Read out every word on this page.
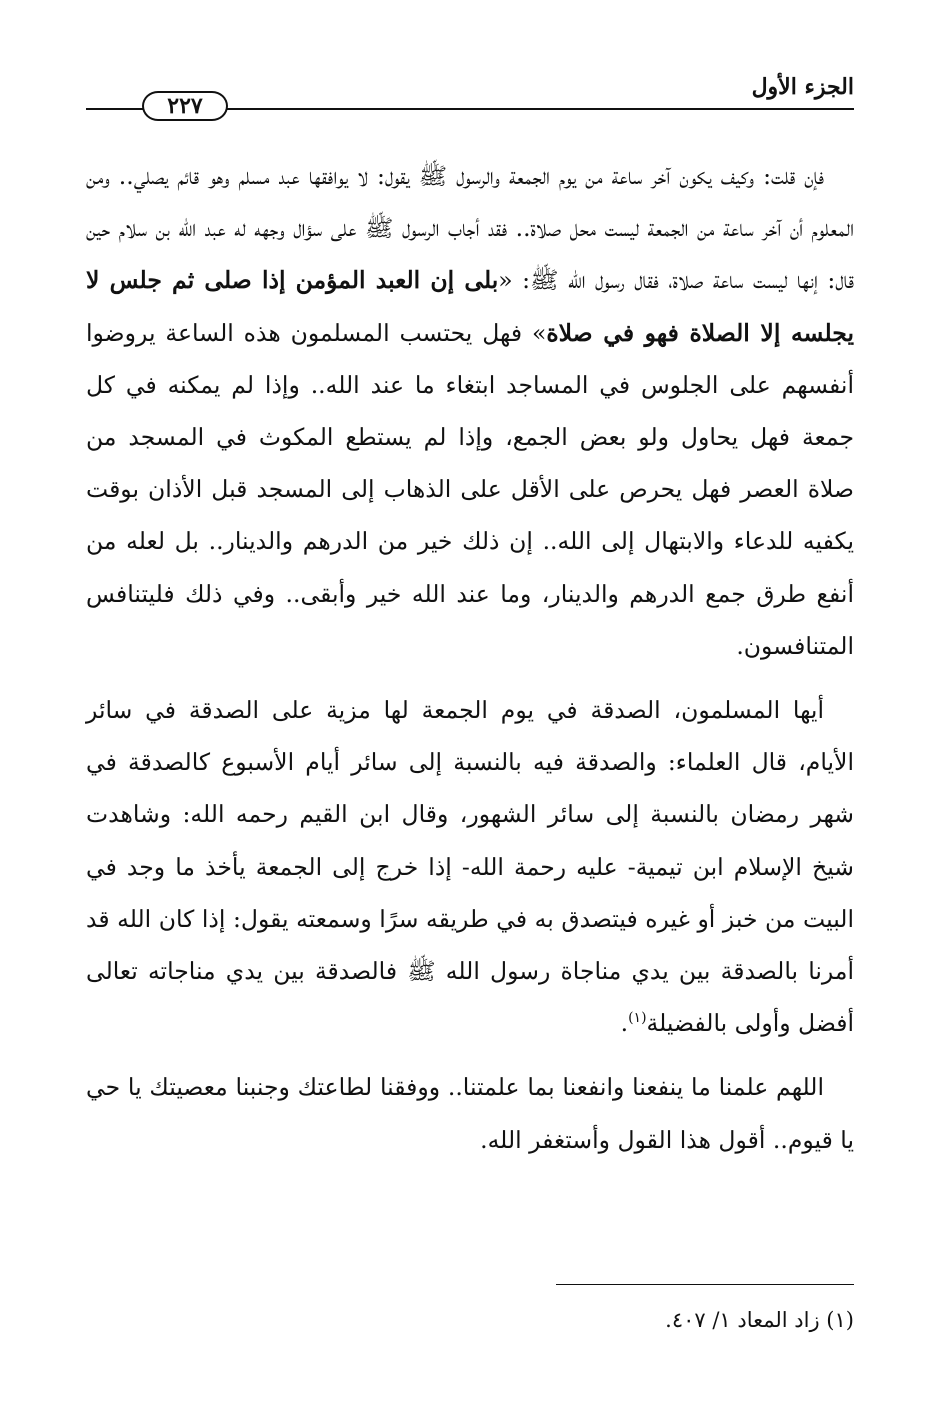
الجزء الأول
٢٢٧

فإن قلت: وكيف يكون آخر ساعة من يوم الجمعة والرسول ﷺ يقول: لا يوافقها عبد مسلم وهو قائم يصلي.. ومن المعلوم أن آخر ساعة من الجمعة ليست محل صلاة.. فقد أجاب الرسول ﷺ على سؤال وجهه له عبد الله بن سلام حين قال: إنها ليست ساعة صلاة، فقال رسول الله ﷺ: «بلى إن العبد المؤمن إذا صلى ثم جلس لا يجلسه إلا الصلاة فهو في صلاة» فهل يحتسب المسلمون هذه الساعة يروضوا أنفسهم على الجلوس في المساجد ابتغاء ما عند الله.. وإذا لم يمكنه في كل جمعة فهل يحاول ولو بعض الجمع، وإذا لم يستطع المكوث في المسجد من صلاة العصر فهل يحرص على الأقل على الذهاب إلى المسجد قبل الأذان بوقت يكفيه للدعاء والابتهال إلى الله.. إن ذلك خير من الدرهم والدينار.. بل لعله من أنفع طرق جمع الدرهم والدينار، وما عند الله خير وأبقى.. وفي ذلك فليتنافس المتنافسون.

أيها المسلمون، الصدقة في يوم الجمعة لها مزية على الصدقة في سائر الأيام، قال العلماء: والصدقة فيه بالنسبة إلى سائر أيام الأسبوع كالصدقة في شهر رمضان بالنسبة إلى سائر الشهور، وقال ابن القيم رحمه الله: وشاهدت شيخ الإسلام ابن تيمية- عليه رحمة الله- إذا خرج إلى الجمعة يأخذ ما وجد في البيت من خبز أو غيره فيتصدق به في طريقه سرًا وسمعته يقول: إذا كان الله قد أمرنا بالصدقة بين يدي مناجاة رسول الله ﷺ فالصدقة بين يدي مناجاته تعالى أفضل وأولى بالفضيلة$^{(١)}$.

اللهم علمنا ما ينفعنا وانفعنا بما علمتنا.. ووفقنا لطاعتك وجنبنا معصيتك يا حي يا قيوم.. أقول هذا القول وأستغفر الله.

(١) زاد المعاد ١/ ٤٠٧.
